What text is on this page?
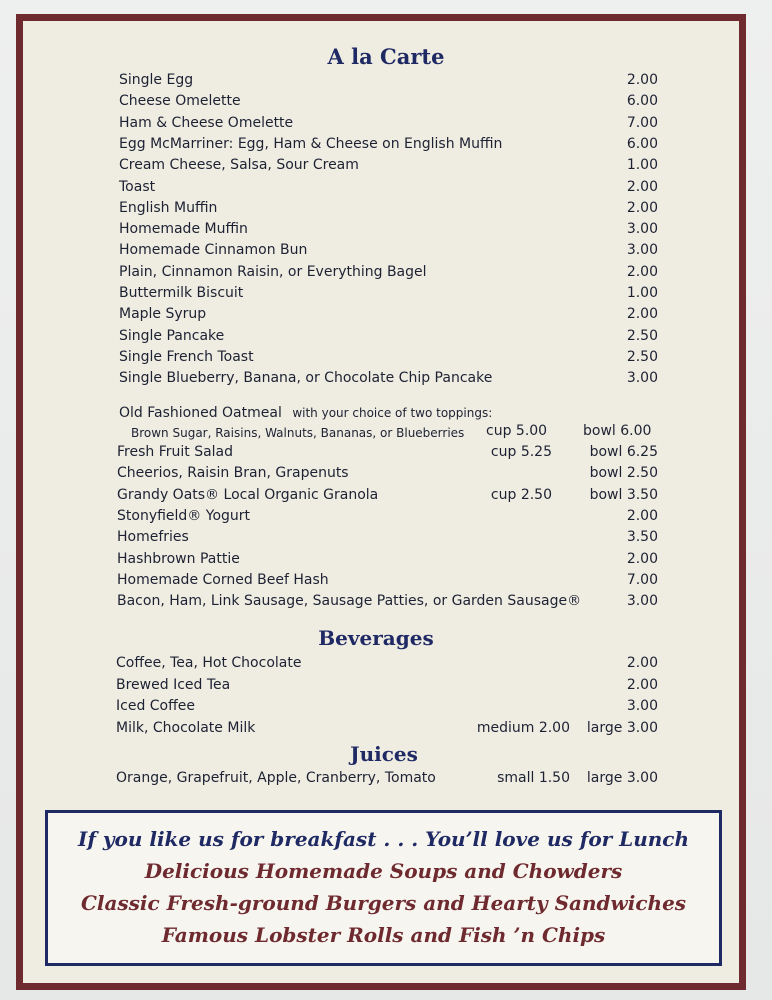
A la Carte
Single Egg	2.00
Cheese Omelette	6.00
Ham & Cheese Omelette	7.00
Egg McMarriner: Egg, Ham & Cheese on English Muffin	6.00
Cream Cheese, Salsa, Sour Cream	1.00
Toast	2.00
English Muffin	2.00
Homemade Muffin	3.00
Homemade Cinnamon Bun	3.00
Plain, Cinnamon Raisin, or Everything Bagel	2.00
Buttermilk Biscuit	1.00
Maple Syrup	2.00
Single Pancake	2.50
Single French Toast	2.50
Single Blueberry, Banana, or Chocolate Chip Pancake	3.00
Old Fashioned Oatmeal with your choice of two toppings:
Brown Sugar, Raisins, Walnuts, Bananas, or Blueberries cup 5.00	bowl 6.00
Fresh Fruit Salad	cup 5.25	bowl 6.25
Cheerios, Raisin Bran, Grapenuts	bowl 2.50
Grandy Oats® Local Organic Granola	cup 2.50	bowl 3.50
Stonyfield® Yogurt	2.00
Homefries	3.50
Hashbrown Pattie	2.00
Homemade Corned Beef Hash	7.00
Bacon, Ham, Link Sausage, Sausage Patties, or Garden Sausage®	3.00
Beverages
Coffee, Tea, Hot Chocolate	2.00
Brewed Iced Tea	2.00
Iced Coffee	3.00
Milk, Chocolate Milk	medium 2.00	large 3.00
Juices
Orange, Grapefruit, Apple, Cranberry, Tomato	small 1.50	large 3.00
If you like us for breakfast . . . You’ll love us for Lunch
Delicious Homemade Soups and Chowders
Classic Fresh-ground Burgers and Hearty Sandwiches
Famous Lobster Rolls and Fish ’n Chips
